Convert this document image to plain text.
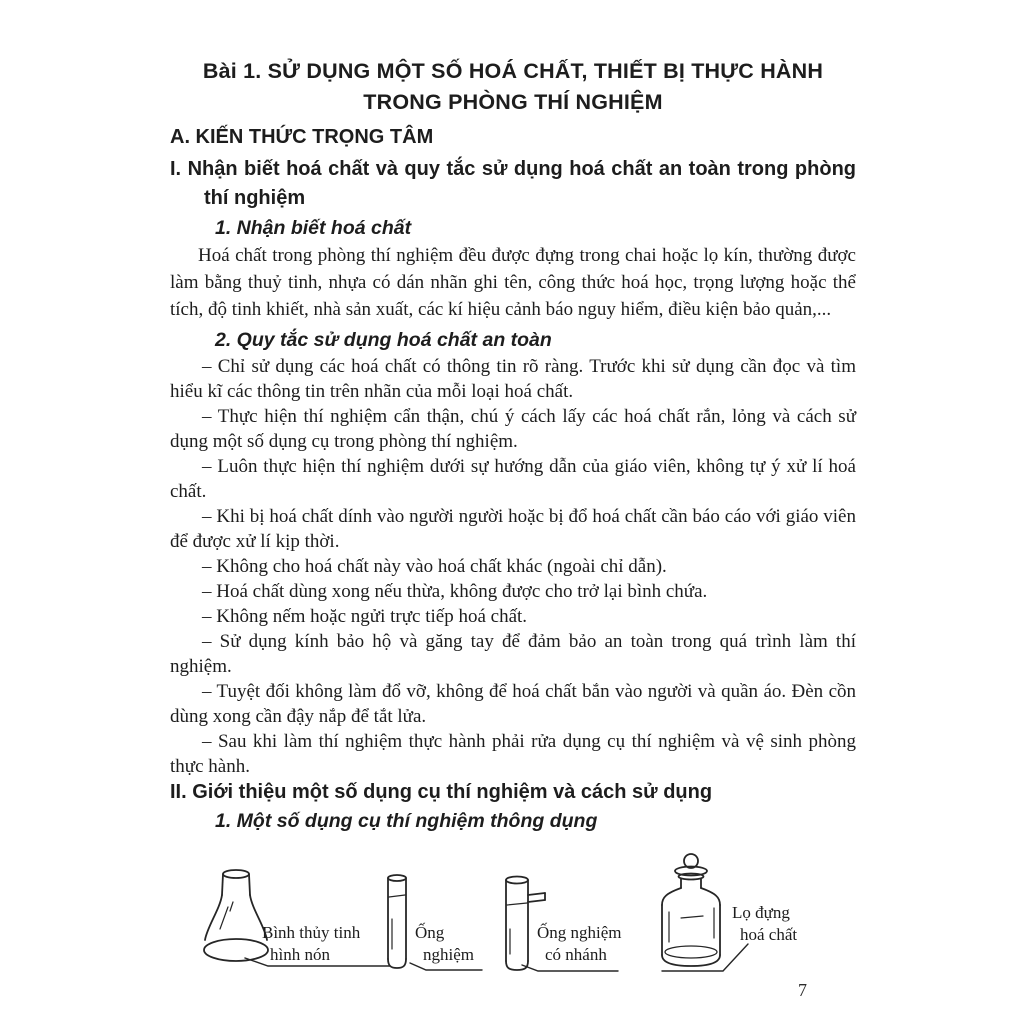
Bài 1. SỬ DỤNG MỘT SỐ HOÁ CHẤT, THIẾT BỊ THỰC HÀNH
TRONG PHÒNG THÍ NGHIỆM
A. KIẾN THỨC TRỌNG TÂM
I. Nhận biết hoá chất và quy tắc sử dụng hoá chất an toàn trong phòng thí nghiệm
1. Nhận biết hoá chất

Hoá chất trong phòng thí nghiệm đều được đựng trong chai hoặc lọ kín, thường được làm bằng thuỷ tinh, nhựa có dán nhãn ghi tên, công thức hoá học, trọng lượng hoặc thể tích, độ tinh khiết, nhà sản xuất, các kí hiệu cảnh báo nguy hiểm, điều kiện bảo quản,...

2. Quy tắc sử dụng hoá chất an toàn

– Chỉ sử dụng các hoá chất có thông tin rõ ràng. Trước khi sử dụng cần đọc và tìm hiểu kĩ các thông tin trên nhãn của mỗi loại hoá chất.

– Thực hiện thí nghiệm cẩn thận, chú ý cách lấy các hoá chất rắn, lỏng và cách sử dụng một số dụng cụ trong phòng thí nghiệm.

– Luôn thực hiện thí nghiệm dưới sự hướng dẫn của giáo viên, không tự ý xử lí hoá chất.

– Khi bị hoá chất dính vào người người hoặc bị đổ hoá chất cần báo cáo với giáo viên để được xử lí kịp thời.

– Không cho hoá chất này vào hoá chất khác (ngoài chỉ dẫn).

– Hoá chất dùng xong nếu thừa, không được cho trở lại bình chứa.

– Không nếm hoặc ngửi trực tiếp hoá chất.

– Sử dụng kính bảo hộ và găng tay để đảm bảo an toàn trong quá trình làm thí nghiệm.

– Tuyệt đối không làm đổ vỡ, không để hoá chất bắn vào người và quần áo. Đèn cồn dùng xong cần đậy nắp để tắt lửa.

– Sau khi làm thí nghiệm thực hành phải rửa dụng cụ thí nghiệm và vệ sinh phòng thực hành.

II. Giới thiệu một số dụng cụ thí nghiệm và cách sử dụng
1. Một số dụng cụ thí nghiệm thông dụng
Bình thủy tinh
hình nón
Ống
nghiệm
Ống nghiệm
có nhánh
Lọ đựng
hoá chất
7
